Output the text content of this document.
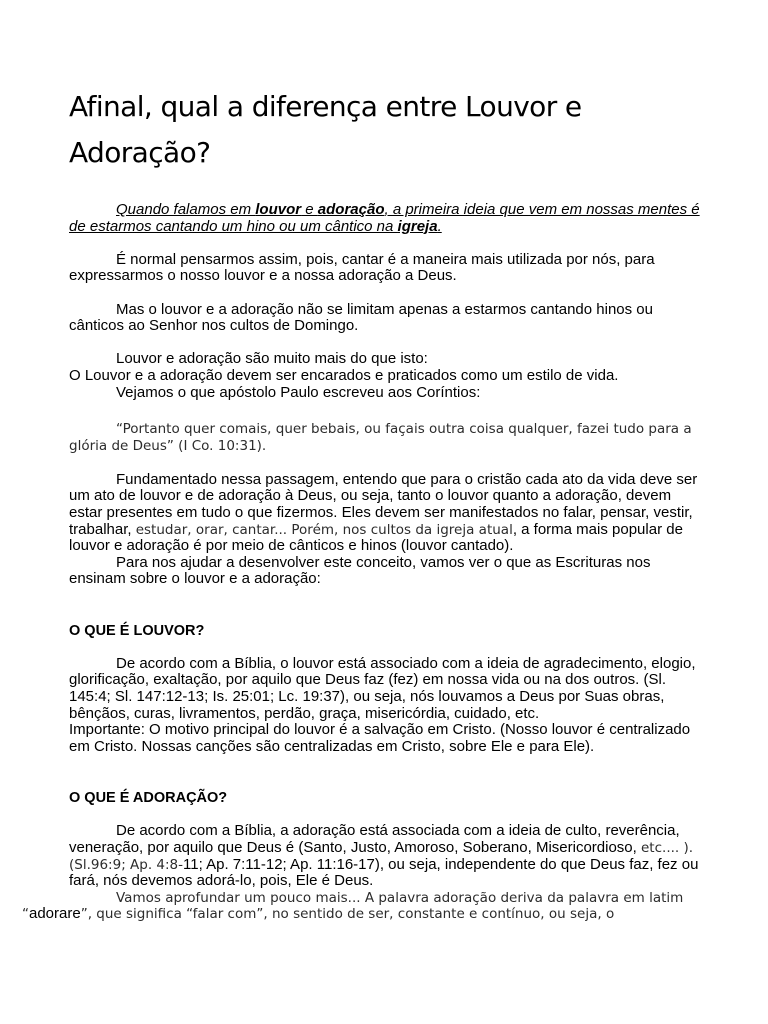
Afinal, qual a diferença entre Louvor e Adoração?

Quando falamos em louvor e adoração, a primeira ideia que vem em nossas mentes é de estarmos cantando um hino ou um cântico na igreja.

É normal pensarmos assim, pois, cantar é a maneira mais utilizada por nós, para expressarmos o nosso louvor e a nossa adoração a Deus.

Mas o louvor e a adoração não se limitam apenas a estarmos cantando hinos ou cânticos ao Senhor nos cultos de Domingo.

Louvor e adoração são muito mais do que isto:

O Louvor e a adoração devem ser encarados e praticados como um estilo de vida.

Vejamos o que apóstolo Paulo escreveu aos Coríntios:

“Portanto quer comais, quer bebais, ou façais outra coisa qualquer, fazei tudo para a glória de Deus” (I Co. 10:31).

Fundamentado nessa passagem, entendo que para o cristão cada ato da vida deve ser um ato de louvor e de adoração à Deus, ou seja, tanto o louvor quanto a adoração, devem estar presentes em tudo o que fizermos. Eles devem ser manifestados no falar, pensar, vestir, trabalhar, estudar, orar, cantar... Porém, nos cultos da igreja atual, a forma mais popular de louvor e adoração é por meio de cânticos e hinos (louvor cantado).

Para nos ajudar a desenvolver este conceito, vamos ver o que as Escrituras nos ensinam sobre o louvor e a adoração:

O QUE É LOUVOR?

De acordo com a Bíblia, o louvor está associado com a ideia de agradecimento, elogio, glorificação, exaltação, por aquilo que Deus faz (fez) em nossa vida ou na dos outros. (Sl. 145:4; Sl. 147:12-13; Is. 25:01; Lc. 19:37), ou seja, nós louvamos a Deus por Suas obras, bênçãos, curas, livramentos, perdão, graça, misericórdia, cuidado, etc.

Importante: O motivo principal do louvor é a salvação em Cristo. (Nosso louvor é centralizado em Cristo. Nossas canções são centralizadas em Cristo, sobre Ele e para Ele).

O QUE É ADORAÇÃO?

De acordo com a Bíblia, a adoração está associada com a ideia de culto, reverência, veneração, por aquilo que Deus é (Santo, Justo, Amoroso, Soberano, Misericordioso, etc.... ). (Sl.96:9; Ap. 4:8-11; Ap. 7:11-12; Ap. 11:16-17), ou seja, independente do que Deus faz, fez ou fará, nós devemos adorá-lo, pois, Ele é Deus.

Vamos aprofundar um pouco mais... A palavra adoração deriva da palavra em latim
“adorare”, que significa “falar com”, no sentido de ser, constante e contínuo, ou seja, o
